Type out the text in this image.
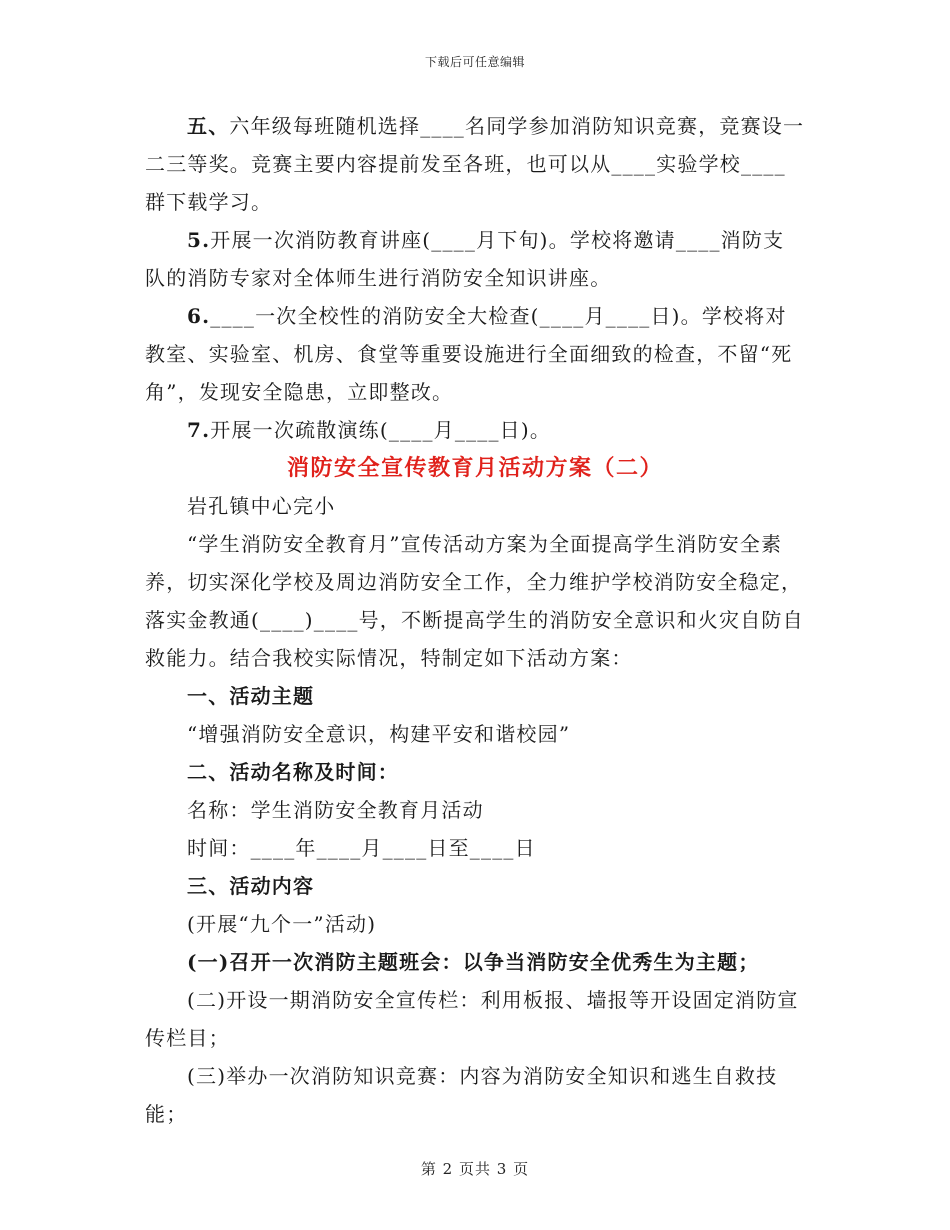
下载后可任意编辑

五、六年级每班随机选择____名同学参加消防知识竞赛，竞赛设一二三等奖。竞赛主要内容提前发至各班，也可以从____实验学校____群下载学习。

5.开展一次消防教育讲座(____月下旬)。学校将邀请____消防支队的消防专家对全体师生进行消防安全知识讲座。

6.____一次全校性的消防安全大检查(____月____日)。学校将对教室、实验室、机房、食堂等重要设施进行全面细致的检查，不留“死角”，发现安全隐患，立即整改。

7.开展一次疏散演练(____月____日)。

消防安全宣传教育月活动方案（二）

岩孔镇中心完小

“学生消防安全教育月”宣传活动方案为全面提高学生消防安全素养，切实深化学校及周边消防安全工作，全力维护学校消防安全稳定，落实金教通(____)____号，不断提高学生的消防安全意识和火灾自防自救能力。结合我校实际情况，特制定如下活动方案：

一、活动主题

“增强消防安全意识，构建平安和谐校园”

二、活动名称及时间：

名称：学生消防安全教育月活动

时间：____年____月____日至____日

三、活动内容

(开展“九个一”活动)

(一)召开一次消防主题班会：以争当消防安全优秀生为主题；

(二)开设一期消防安全宣传栏：利用板报、墙报等开设固定消防宣传栏目；

(三)举办一次消防知识竞赛：内容为消防安全知识和逃生自救技能；

第 2 页共 3 页
